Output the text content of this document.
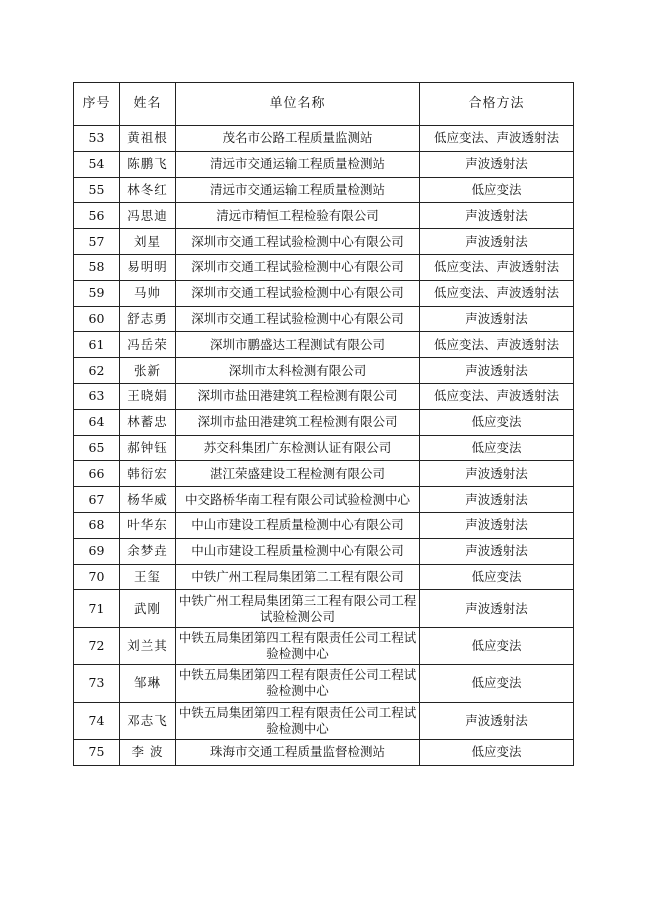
序号	姓名	单位名称	合格方法
53	黄祖根	茂名市公路工程质量监测站	低应变法、声波透射法
54	陈鹏飞	清远市交通运输工程质量检测站	声波透射法
55	林冬红	清远市交通运输工程质量检测站	低应变法
56	冯思迪	清远市精恒工程检验有限公司	声波透射法
57	刘星	深圳市交通工程试验检测中心有限公司	声波透射法
58	易明明	深圳市交通工程试验检测中心有限公司	低应变法、声波透射法
59	马帅	深圳市交通工程试验检测中心有限公司	低应变法、声波透射法
60	舒志勇	深圳市交通工程试验检测中心有限公司	声波透射法
61	冯岳荣	深圳市鹏盛达工程测试有限公司	低应变法、声波透射法
62	张新	深圳市太科检测有限公司	声波透射法
63	王晓娟	深圳市盐田港建筑工程检测有限公司	低应变法、声波透射法
64	林蓄忠	深圳市盐田港建筑工程检测有限公司	低应变法
65	郝钟钰	苏交科集团广东检测认证有限公司	低应变法
66	韩衍宏	湛江荣盛建设工程检测有限公司	声波透射法
67	杨华威	中交路桥华南工程有限公司试验检测中心	声波透射法
68	叶华东	中山市建设工程质量检测中心有限公司	声波透射法
69	余梦垚	中山市建设工程质量检测中心有限公司	声波透射法
70	王玺	中铁广州工程局集团第二工程有限公司	低应变法
71	武刚	中铁广州工程局集团第三工程有限公司工程试验检测公司	声波透射法
72	刘兰其	中铁五局集团第四工程有限责任公司工程试验检测中心	低应变法
73	邹琳	中铁五局集团第四工程有限责任公司工程试验检测中心	低应变法
74	邓志飞	中铁五局集团第四工程有限责任公司工程试验检测中心	声波透射法
75	李 波	珠海市交通工程质量监督检测站	低应变法
